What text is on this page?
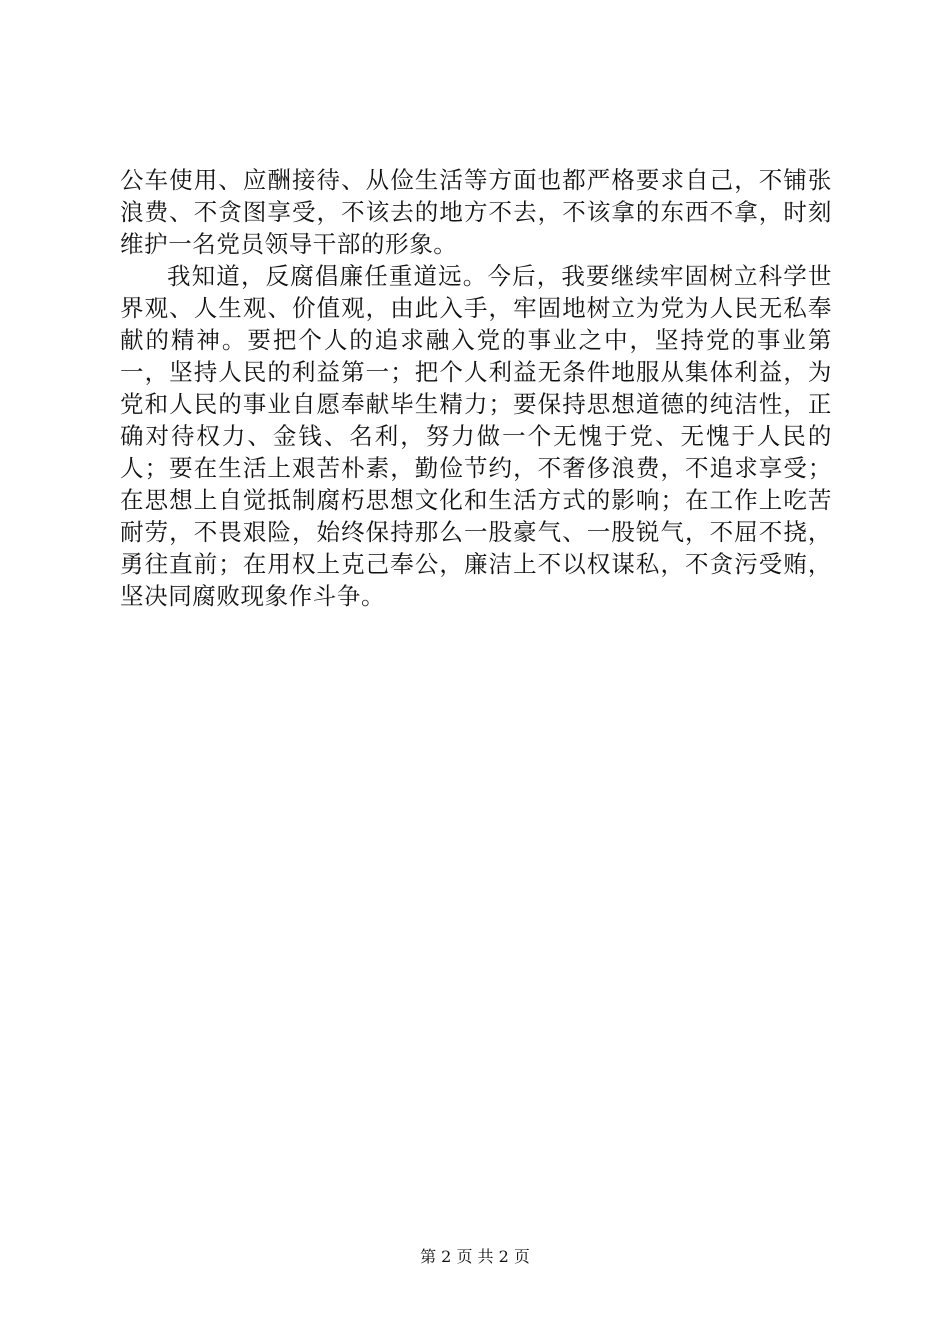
公车使用、应酬接待、从俭生活等方面也都严格要求自己，不铺张浪费、不贪图享受，不该去的地方不去，不该拿的东西不拿，时刻维护一名党员领导干部的形象。

我知道，反腐倡廉任重道远。今后，我要继续牢固树立科学世界观、人生观、价值观，由此入手，牢固地树立为党为人民无私奉献的精神。要把个人的追求融入党的事业之中，坚持党的事业第一，坚持人民的利益第一；把个人利益无条件地服从集体利益，为党和人民的事业自愿奉献毕生精力；要保持思想道德的纯洁性，正确对待权力、金钱、名利，努力做一个无愧于党、无愧于人民的人；要在生活上艰苦朴素，勤俭节约，不奢侈浪费，不追求享受；在思想上自觉抵制腐朽思想文化和生活方式的影响；在工作上吃苦耐劳，不畏艰险，始终保持那么一股豪气、一股锐气，不屈不挠，勇往直前；在用权上克己奉公，廉洁上不以权谋私，不贪污受贿，坚决同腐败现象作斗争。

第 2 页 共 2 页
